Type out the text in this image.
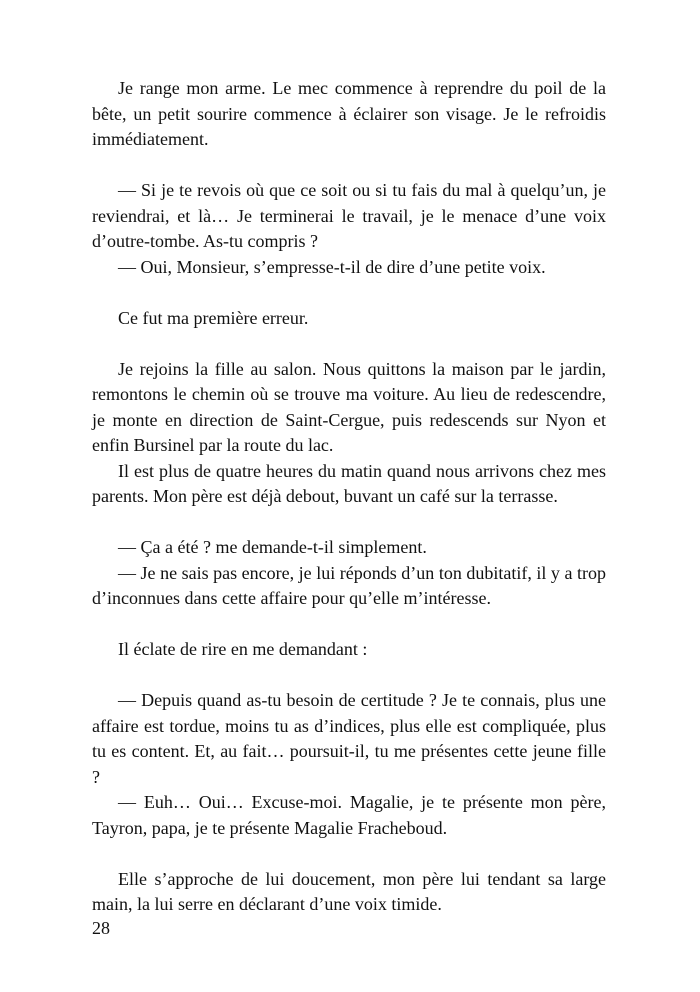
Je range mon arme. Le mec commence à reprendre du poil de la bête, un petit sourire commence à éclairer son visage. Je le refroidis immédiatement.

— Si je te revois où que ce soit ou si tu fais du mal à quelqu’un, je reviendrai, et là… Je terminerai le travail, je le menace d’une voix d’outre-tombe. As-tu compris ?

— Oui, Monsieur, s’empresse-t-il de dire d’une petite voix.

Ce fut ma première erreur.

Je rejoins la fille au salon. Nous quittons la maison par le jardin, remontons le chemin où se trouve ma voiture. Au lieu de redescendre, je monte en direction de Saint-Cergue, puis redescends sur Nyon et enfin Bursinel par la route du lac.

Il est plus de quatre heures du matin quand nous arrivons chez mes parents. Mon père est déjà debout, buvant un café sur la terrasse.

— Ça a été ? me demande-t-il simplement.

— Je ne sais pas encore, je lui réponds d’un ton dubitatif, il y a trop d’inconnues dans cette affaire pour qu’elle m’intéresse.

Il éclate de rire en me demandant :

— Depuis quand as-tu besoin de certitude ? Je te connais, plus une affaire est tordue, moins tu as d’indices, plus elle est compliquée, plus tu es content. Et, au fait… poursuit-il, tu me présentes cette jeune fille ?

— Euh… Oui… Excuse-moi. Magalie, je te présente mon père, Tayron, papa, je te présente Magalie Fracheboud.

Elle s’approche de lui doucement, mon père lui tendant sa large main, la lui serre en déclarant d’une voix timide.

28
